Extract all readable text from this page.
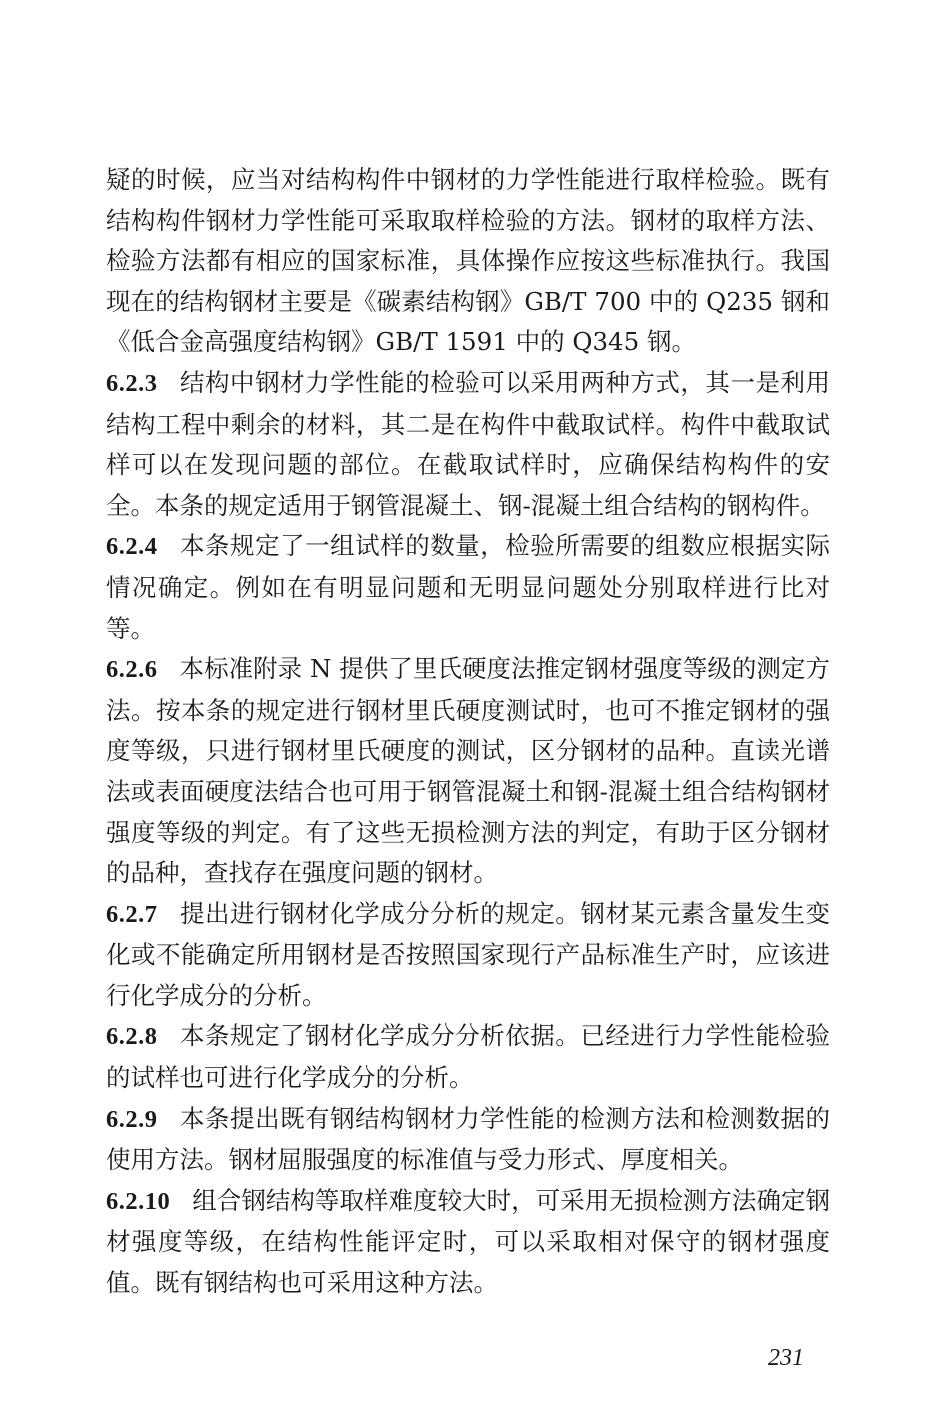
疑的时候，应当对结构构件中钢材的力学性能进行取样检验。既有结构构件钢材力学性能可采取取样检验的方法。钢材的取样方法、检验方法都有相应的国家标准，具体操作应按这些标准执行。我国现在的结构钢材主要是《碳素结构钢》GB/T 700 中的 Q235 钢和《低合金高强度结构钢》GB/T 1591 中的 Q345 钢。

6.2.3 结构中钢材力学性能的检验可以采用两种方式，其一是利用结构工程中剩余的材料，其二是在构件中截取试样。构件中截取试样可以在发现问题的部位。在截取试样时，应确保结构构件的安全。本条的规定适用于钢管混凝土、钢-混凝土组合结构的钢构件。

6.2.4 本条规定了一组试样的数量，检验所需要的组数应根据实际情况确定。例如在有明显问题和无明显问题处分别取样进行比对等。

6.2.6 本标准附录 N 提供了里氏硬度法推定钢材强度等级的测定方法。按本条的规定进行钢材里氏硬度测试时，也可不推定钢材的强度等级，只进行钢材里氏硬度的测试，区分钢材的品种。直读光谱法或表面硬度法结合也可用于钢管混凝土和钢-混凝土组合结构钢材强度等级的判定。有了这些无损检测方法的判定，有助于区分钢材的品种，查找存在强度问题的钢材。

6.2.7 提出进行钢材化学成分分析的规定。钢材某元素含量发生变化或不能确定所用钢材是否按照国家现行产品标准生产时，应该进行化学成分的分析。

6.2.8 本条规定了钢材化学成分分析依据。已经进行力学性能检验的试样也可进行化学成分的分析。

6.2.9 本条提出既有钢结构钢材力学性能的检测方法和检测数据的使用方法。钢材屈服强度的标准值与受力形式、厚度相关。

6.2.10 组合钢结构等取样难度较大时，可采用无损检测方法确定钢材强度等级，在结构性能评定时，可以采取相对保守的钢材强度值。既有钢结构也可采用这种方法。

231
